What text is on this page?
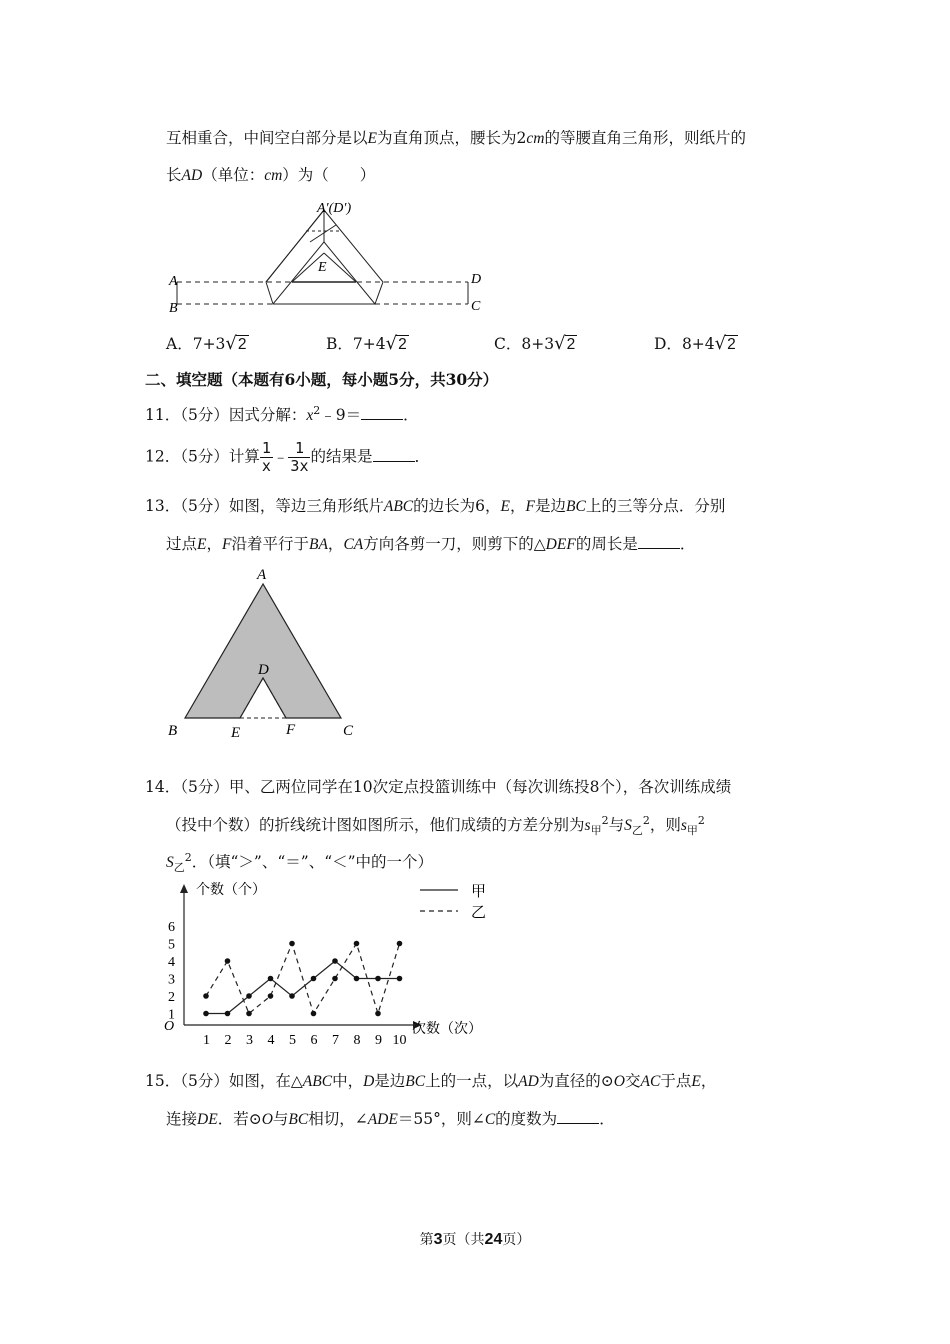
互相重合，中间空白部分是以E为直角顶点，腰长为2cm的等腰直角三角形，则纸片的
长AD（单位：cm）为（　　）
A′(D′)
E
A
B
D
C
A．7+3√2	B．7+4√2	C．8+3√2	D．8+4√2
二、填空题（本题有6小题，每小题5分，共30分）
11．（5分）因式分解：$x^2﹣9=$	．
12．（5分）计算 $\frac{1}{x}$ ﹣ $\frac{1}{3x}$ 的结果是	．
13．（5分）如图，等边三角形纸片ABC的边长为6，E，F是边BC上的三等分点．分别
过点E，F沿着平行于BA，CA方向各剪一刀，则剪下的△DEF的周长是	．
A
B	C
D
E	F
14．（5分）甲、乙两位同学在10次定点投篮训练中（每次训练投8个），各次训练成绩
（投中个数）的折线统计图如图所示，他们成绩的方差分别为$s_甲^2$与$S_乙^2$，则$s_甲^2$
$S_乙^2$．（填“＞”、“＝”、“＜”中的一个）
个数（个）
次数（次）
O
甲
乙
1
2
3
4
5
6
1 2 3 4 5 6 7 8 9 10
15．（5分）如图，在△ABC中，D是边BC上的一点，以AD为直径的⊙O交AC于点E，
连接DE．若⊙O与BC相切，∠ADE＝55°，则∠C的度数为	．
第3页（共24页）
